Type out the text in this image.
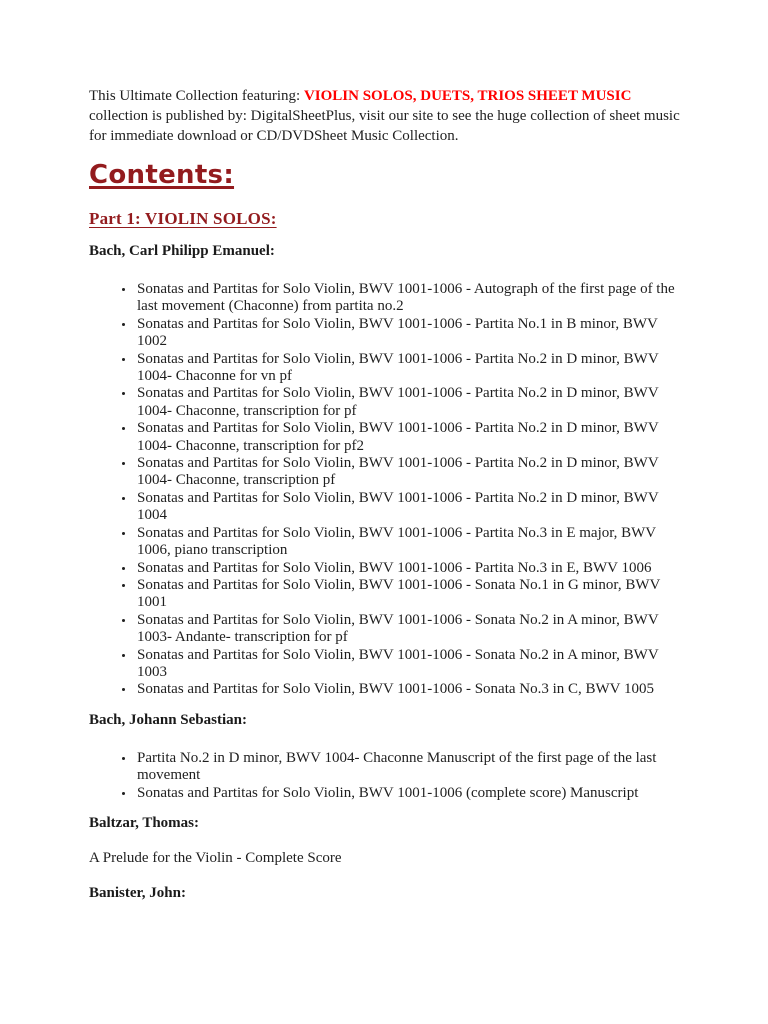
This Ultimate Collection featuring: VIOLIN SOLOS, DUETS, TRIOS SHEET MUSIC collection is published by: DigitalSheetPlus, visit our site to see the huge collection of sheet music for immediate download or CD/DVDSheet Music Collection.

Contents:
Part 1: VIOLIN SOLOS:
Bach, Carl Philipp Emanuel:
• Sonatas and Partitas for Solo Violin, BWV 1001-1006 - Autograph of the first page of the last movement (Chaconne) from partita no.2
• Sonatas and Partitas for Solo Violin, BWV 1001-1006 - Partita No.1 in B minor, BWV 1002
• Sonatas and Partitas for Solo Violin, BWV 1001-1006 - Partita No.2 in D minor, BWV 1004- Chaconne for vn pf
• Sonatas and Partitas for Solo Violin, BWV 1001-1006 - Partita No.2 in D minor, BWV 1004- Chaconne, transcription for pf
• Sonatas and Partitas for Solo Violin, BWV 1001-1006 - Partita No.2 in D minor, BWV 1004- Chaconne, transcription for pf2
• Sonatas and Partitas for Solo Violin, BWV 1001-1006 - Partita No.2 in D minor, BWV 1004- Chaconne, transcription pf
• Sonatas and Partitas for Solo Violin, BWV 1001-1006 - Partita No.2 in D minor, BWV 1004
• Sonatas and Partitas for Solo Violin, BWV 1001-1006 - Partita No.3 in E major, BWV 1006, piano transcription
• Sonatas and Partitas for Solo Violin, BWV 1001-1006 - Partita No.3 in E, BWV 1006
• Sonatas and Partitas for Solo Violin, BWV 1001-1006 - Sonata No.1 in G minor, BWV 1001
• Sonatas and Partitas for Solo Violin, BWV 1001-1006 - Sonata No.2 in A minor, BWV 1003- Andante- transcription for pf
• Sonatas and Partitas for Solo Violin, BWV 1001-1006 - Sonata No.2 in A minor, BWV 1003
• Sonatas and Partitas for Solo Violin, BWV 1001-1006 - Sonata No.3 in C, BWV 1005
Bach, Johann Sebastian:
• Partita No.2 in D minor, BWV 1004- Chaconne Manuscript of the first page of the last movement
• Sonatas and Partitas for Solo Violin, BWV 1001-1006 (complete score) Manuscript
Baltzar, Thomas:

A Prelude for the Violin - Complete Score

Banister, John:
